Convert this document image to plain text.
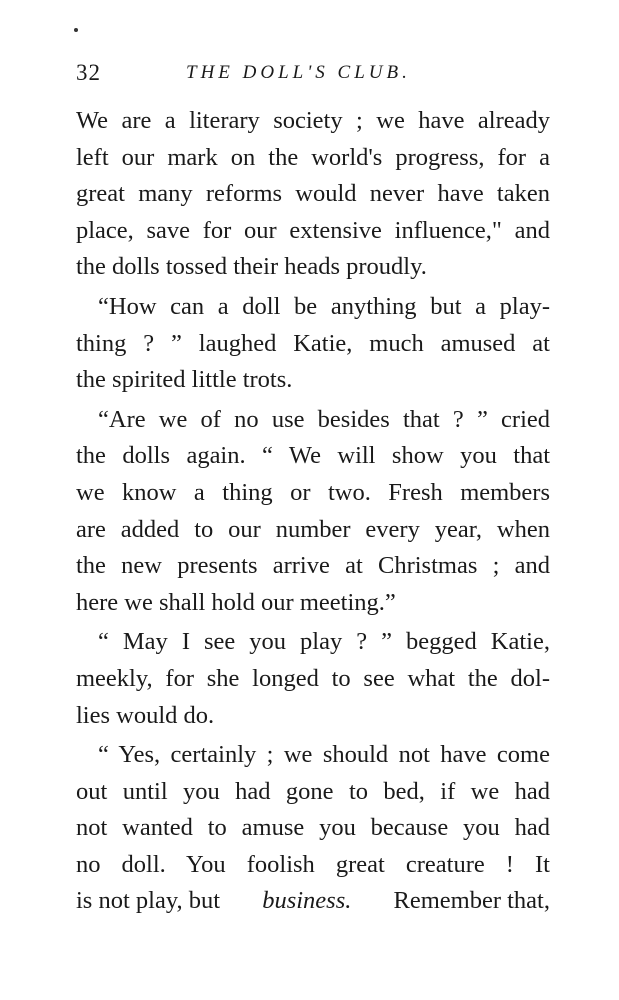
32	THE DOLL'S CLUB.
We are a literary society ; we have already
left our mark on the world's progress, for a
great many reforms would never have taken
place, save for our extensive influence," and
the dolls tossed their heads proudly.
“How can a doll be anything but a play-
thing ? ” laughed Katie, much amused at
the spirited little trots.
“Are we of no use besides that ? ” cried
the dolls again. “ We will show you that
we know a thing or two. Fresh members
are added to our number every year, when
the new presents arrive at Christmas ; and
here we shall hold our meeting.”
“ May I see you play ? ” begged Katie,
meekly, for she longed to see what the dol-
lies would do.
“ Yes, certainly ; we should not have come
out until you had gone to bed, if we had
not wanted to amuse you because you had
no doll. You foolish great creature ! It
is not play, but business. Remember that,
